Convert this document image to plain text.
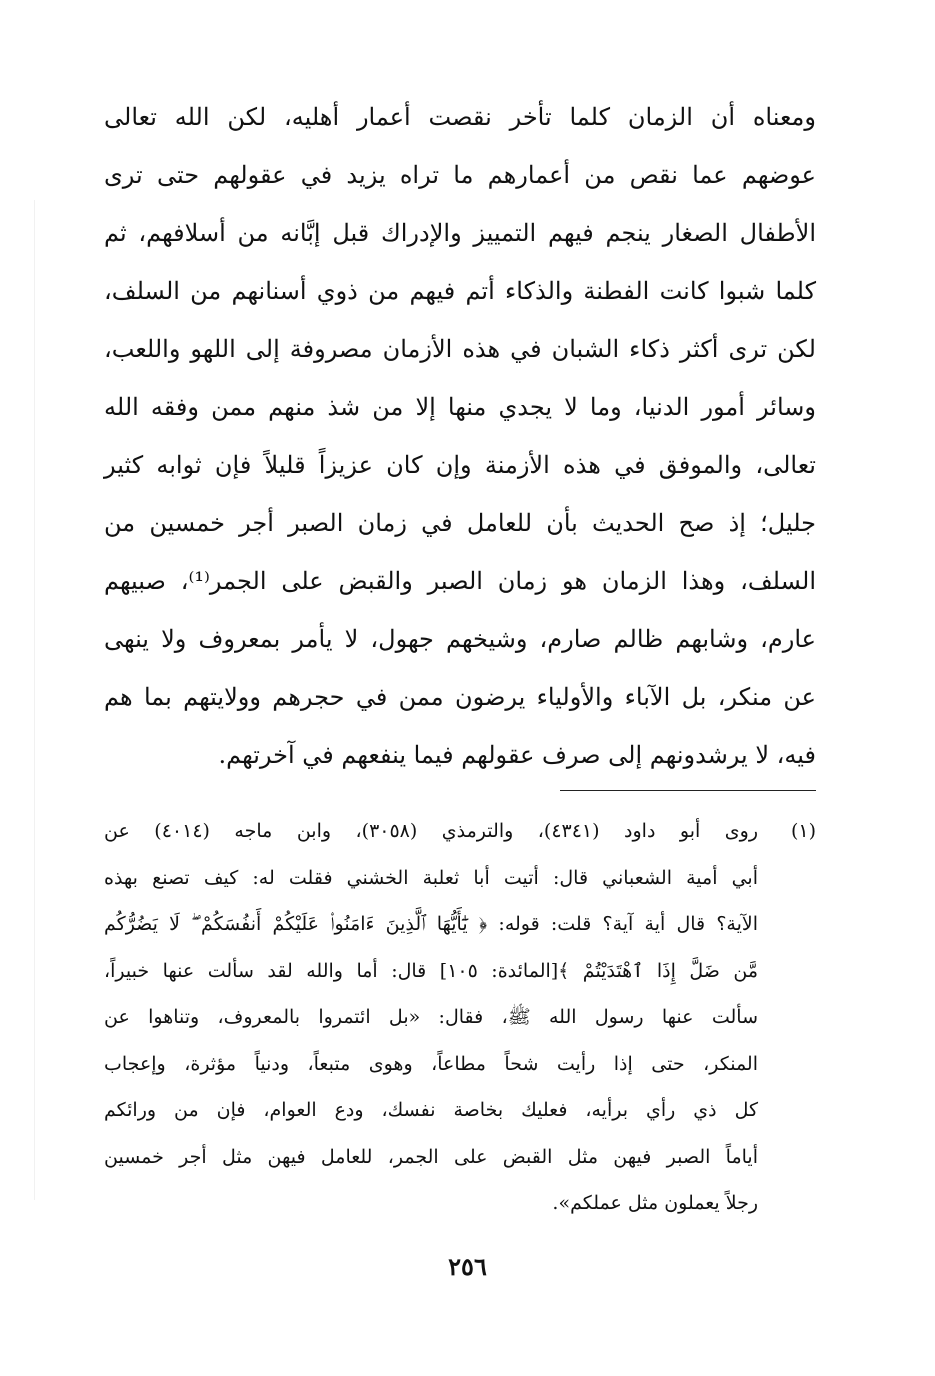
ومعناه أن الزمان كلما تأخر نقصت أعمار أهليه، لكن الله تعالى
عوضهم عما نقص من أعمارهم ما تراه يزيد في عقولهم حتى ترى
الأطفال الصغار ينجم فيهم التمييز والإدراك قبل إبَّانه من أسلافهم، ثم
كلما شبوا كانت الفطنة والذكاء أتم فيهم من ذوي أسنانهم من السلف،
لكن ترى أكثر ذكاء الشبان في هذه الأزمان مصروفة إلى اللهو واللعب،
وسائر أمور الدنيا، وما لا يجدي منها إلا من شذ منهم ممن وفقه الله
تعالى، والموفق في هذه الأزمنة وإن كان عزيزاً قليلاً فإن ثوابه كثير
جليل؛ إذ صح الحديث بأن للعامل في زمان الصبر أجر خمسين من
السلف، وهذا الزمان هو زمان الصبر والقبض على الجمر⁽¹⁾، صبيهم
عارم، وشابهم ظالم صارم، وشيخهم جهول، لا يأمر بمعروف ولا ينهى
عن منكر، بل الآباء والأولياء يرضون ممن في حجرهم وولايتهم بما هم
فيه، لا يرشدونهم إلى صرف عقولهم فيما ينفعهم في آخرتهم.
(١)
روى أبو داود (٤٣٤١)، والترمذي (٣٠٥٨)، وابن ماجه (٤٠١٤) عن
أبي أمية الشعباني قال: أتيت أبا ثعلبة الخشني فقلت له: كيف تصنع بهذه
الآية؟ قال أية آية؟ قلت: قوله: ﴿ يَٰٓأَيُّهَا ٱلَّذِينَ ءَامَنُوا۟ عَلَيْكُمْ أَنفُسَكُمْ ۖ لَا يَضُرُّكُم
مَّن ضَلَّ إِذَا ٱهْتَدَيْتُمْ ﴾[المائدة: ١٠٥] قال: أما والله لقد سألت عنها خبيراً،
سألت عنها رسول الله ﷺ، فقال: «بل ائتمروا بالمعروف، وتناهوا عن
المنكر، حتى إذا رأيت شحاً مطاعاً، وهوى متبعاً، ودنياً مؤثرة، وإعجاب
كل ذي رأي برأيه، فعليك بخاصة نفسك، ودع العوام، فإن من ورائكم
أياماً الصبر فيهن مثل القبض على الجمر، للعامل فيهن مثل أجر خمسين
رجلاً يعملون مثل عملكم».
٢٥٦
